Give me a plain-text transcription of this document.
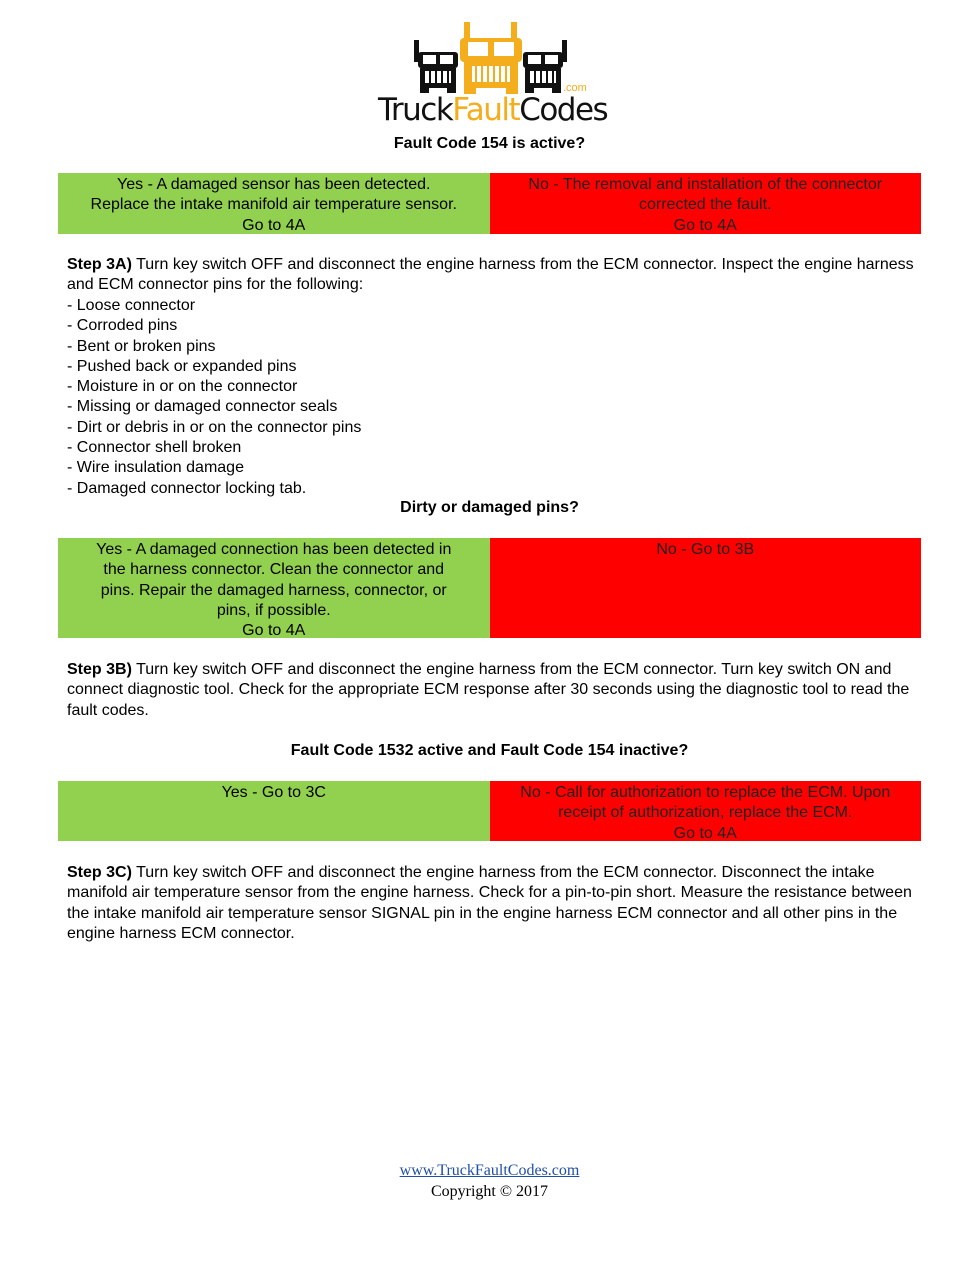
.com
TruckFaultCodes
Fault Code 154 is active?
Yes - A damaged sensor has been detected.
Replace the intake manifold air temperature sensor.
Go to 4A
No - The removal and installation of the connector
corrected the fault.
Go to 4A
Step 3A) Turn key switch OFF and disconnect the engine harness from the ECM connector. Inspect the engine harness and ECM connector pins for the following:
- Loose connector
- Corroded pins
- Bent or broken pins
- Pushed back or expanded pins
- Moisture in or on the connector
- Missing or damaged connector seals
- Dirt or debris in or on the connector pins
- Connector shell broken
- Wire insulation damage
- Damaged connector locking tab.
Dirty or damaged pins?
Yes - A damaged connection has been detected in
the harness connector. Clean the connector and
pins. Repair the damaged harness, connector, or
pins, if possible.
Go to 4A
No - Go to 3B
Step 3B) Turn key switch OFF and disconnect the engine harness from the ECM connector. Turn key switch ON and connect diagnostic tool. Check for the appropriate ECM response after 30 seconds using the diagnostic tool to read the fault codes.
Fault Code 1532 active and Fault Code 154 inactive?
Yes - Go to 3C	No - Call for authorization to replace the ECM. Upon
receipt of authorization, replace the ECM.
Go to 4A
Step 3C) Turn key switch OFF and disconnect the engine harness from the ECM connector. Disconnect the intake manifold air temperature sensor from the engine harness. Check for a pin-to-pin short. Measure the resistance between the intake manifold air temperature sensor SIGNAL pin in the engine harness ECM connector and all other pins in the engine harness ECM connector.
www.TruckFaultCodes.com
Copyright © 2017
